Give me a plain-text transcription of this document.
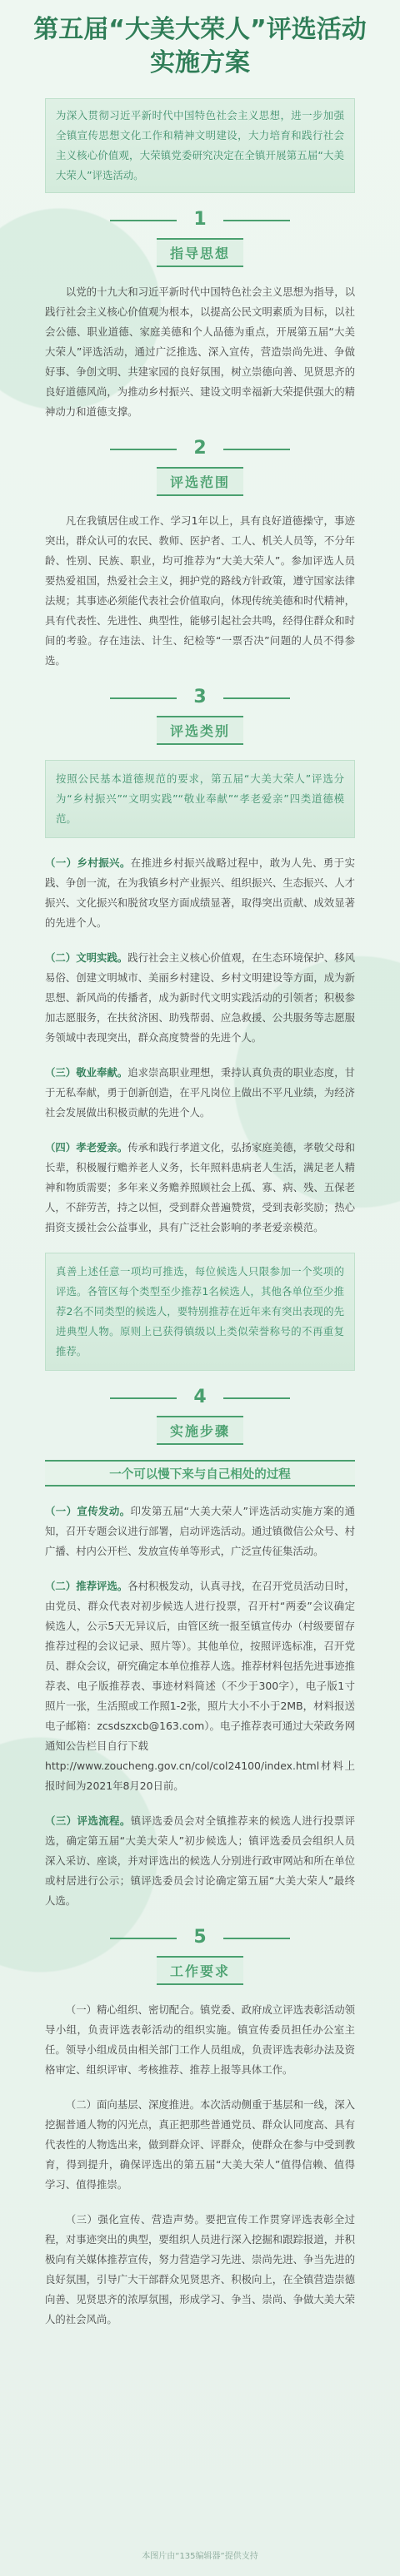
第五届“大美大荣人”评选活动
实施方案
为深入贯彻习近平新时代中国特色社会主义思想，进一步加强全镇宣传思想文化工作和精神文明建设，大力培育和践行社会主义核心价值观，大荣镇党委研究决定在全镇开展第五届“大美大荣人”评选活动。
1
指导思想
以党的十九大和习近平新时代中国特色社会主义思想为指导，以践行社会主义核心价值观为根本，以提高公民文明素质为目标，以社会公德、职业道德、家庭美德和个人品德为重点，开展第五届“大美大荣人”评选活动，通过广泛推选、深入宣传，营造崇尚先进、争做好事、争创文明、共建家园的良好氛围，树立崇德向善、见贤思齐的良好道德风尚，为推动乡村振兴、建设文明幸福新大荣提供强大的精神动力和道德支撑。
2
评选范围
凡在我镇居住或工作、学习1年以上，具有良好道德操守，事迹突出，群众认可的农民、教师、医护者、工人、机关人员等，不分年龄、性别、民族、职业，均可推荐为“大美大荣人”。参加评选人员要热爱祖国，热爱社会主义，拥护党的路线方针政策，遵守国家法律法规；其事迹必须能代表社会价值取向，体现传统美德和时代精神，具有代表性、先进性、典型性，能够引起社会共鸣，经得住群众和时间的考验。存在违法、计生、纪检等“一票否决”问题的人员不得参选。
3
评选类别
按照公民基本道德规范的要求，第五届“大美大荣人”评选分为“乡村振兴”“文明实践”“敬业奉献”“孝老爱亲”四类道德模范。
（一）乡村振兴。在推进乡村振兴战略过程中，敢为人先、勇于实践、争创一流，在为我镇乡村产业振兴、组织振兴、生态振兴、人才振兴、文化振兴和脱贫攻坚方面成绩显著，取得突出贡献、成效显著的先进个人。
（二）文明实践。践行社会主义核心价值观，在生态环境保护、移风易俗、创建文明城市、美丽乡村建设、乡村文明建设等方面，成为新思想、新风尚的传播者，成为新时代文明实践活动的引领者；积极参加志愿服务，在扶贫济困、助残帮弱、应急救援、公共服务等志愿服务领域中表现突出，群众高度赞誉的先进个人。
（三）敬业奉献。追求崇高职业理想，秉持认真负责的职业态度，甘于无私奉献，勇于创新创造，在平凡岗位上做出不平凡业绩，为经济社会发展做出积极贡献的先进个人。
（四）孝老爱亲。传承和践行孝道文化，弘扬家庭美德，孝敬父母和长辈，积极履行赡养老人义务，长年照料患病老人生活，满足老人精神和物质需要；多年来义务赡养照顾社会上孤、寡、病、残、五保老人，不辞劳苦，持之以恒，受到群众普遍赞赏，受到表彰奖励；热心捐资支援社会公益事业，具有广泛社会影响的孝老爱亲模范。
真善上述任意一项均可推选，每位候选人只限参加一个奖项的评选。各管区每个类型至少推荐1名候选人，其他各单位至少推荐2名不同类型的候选人，要特别推荐在近年来有突出表现的先进典型人物。原则上已获得镇级以上类似荣誉称号的不再重复推荐。
4
实施步骤
一个可以慢下来与自己相处的过程
（一）宣传发动。印发第五届“大美大荣人”评选活动实施方案的通知，召开专题会议进行部署，启动评选活动。通过镇微信公众号、村广播、村内公开栏、发放宣传单等形式，广泛宣传征集活动。
（二）推荐评选。各村积极发动，认真寻找，在召开党员活动日时，由党员、群众代表对初步候选人进行投票，召开村“两委”会议确定候选人，公示5天无异议后，由管区统一报至镇宣传办（村级要留存推荐过程的会议记录、照片等）。其他单位，按照评选标准，召开党员、群众会议，研究确定本单位推荐人选。推荐材料包括先进事迹推荐表、电子版推荐表、事迹材料简述（不少于300字），电子版1寸照片一张，生活照或工作照1-2张，照片大小不小于2MB，材料报送电子邮箱：zcsdszxcb@163.com）。电子推荐表可通过大荣政务网通知公告栏目自行下载
http://www.zoucheng.gov.cn/col/col24100/index.html材料上报时间为2021年8月20日前。
（三）评选流程。镇评选委员会对全镇推荐来的候选人进行投票评选，确定第五届“大美大荣人”初步候选人；镇评选委员会组织人员深入采访、座谈，并对评选出的候选人分别进行政审网站和所在单位或村居进行公示；镇评选委员会讨论确定第五届“大美大荣人”最终人选。
5
工作要求
（一）精心组织、密切配合。镇党委、政府成立评选表彰活动领导小组，负责评选表彰活动的组织实施。镇宣传委员担任办公室主任。领导小组成员由相关部门工作人员组成，负责评选表彰办法及资格审定、组织评审、考核推荐、推荐上报等具体工作。
（二）面向基层、深度推进。本次活动侧重于基层和一线，深入挖掘普通人物的闪光点，真正把那些普通党员、群众认同度高、具有代表性的人物选出来，做到群众评、评群众，使群众在参与中受到教育，得到提升，确保评选出的第五届“大美大荣人”值得信赖、值得学习、值得推崇。
（三）强化宣传、营造声势。要把宣传工作贯穿评选表彰全过程，对事迹突出的典型，要组织人员进行深入挖掘和跟踪报道，并积极向有关媒体推荐宣传，努力营造学习先进、崇尚先进、争当先进的良好氛围，引导广大干部群众见贤思齐、积极向上，在全镇营造崇德向善、见贤思齐的浓厚氛围，形成学习、争当、崇尚、争做大美大荣人的社会风尚。
本图片由“135编辑器”提供支持
